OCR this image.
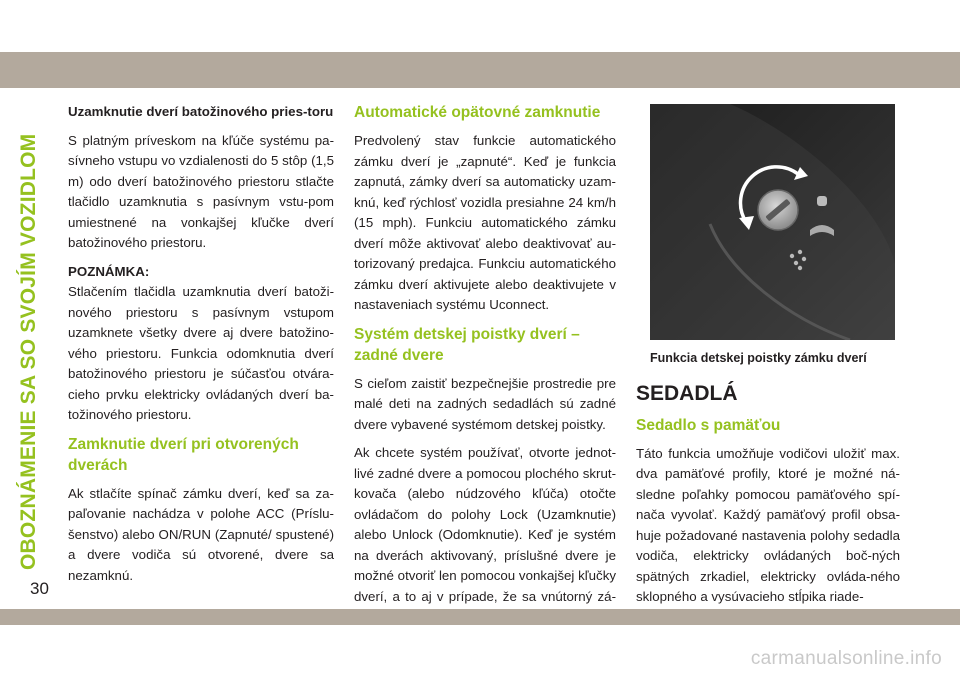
OBOZNÁMENIE SA SO SVOJÍM VOZIDLOM

Uzamknutie dverí batožinového pries-toru

S platným príveskom na kľúče systému pa-sívneho vstupu vo vzdialenosti do 5 stôp (1,5 m) odo dverí batožinového priestoru stlačte tlačidlo uzamknutia s pasívnym vstu-pom umiestnené na vonkajšej kľučke dverí batožinového priestoru.

POZNÁMKA:
Stlačením tlačidla uzamknutia dverí batoži-nového priestoru s pasívnym vstupom uzamknete všetky dvere aj dvere batožino-vého priestoru. Funkcia odomknutia dverí batožinového priestoru je súčasťou otvára-cieho prvku elektricky ovládaných dverí ba-tožinového priestoru.
Zamknutie dverí pri otvorených dverách

Ak stlačíte spínač zámku dverí, keď sa za-paľovanie nachádza v polohe ACC (Príslu-šenstvo) alebo ON/RUN (Zapnuté/ spustené) a dvere vodiča sú otvorené, dvere sa nezamknú.

Automatické opätovné zamknutie

Predvolený stav funkcie automatického zámku dverí je „zapnuté“. Keď je funkcia zapnutá, zámky dverí sa automaticky uzam-knú, keď rýchlosť vozidla presiahne 24 km/h (15 mph). Funkciu automatického zámku dverí môže aktivovať alebo deaktivovať au-torizovaný predajca. Funkciu automatického zámku dverí aktivujete alebo deaktivujete v nastaveniach systému Uconnect.

Systém detskej poistky dverí – zadné dvere

S cieľom zaistiť bezpečnejšie prostredie pre malé deti na zadných sedadlách sú zadné dvere vybavené systémom detskej poistky.

Ak chcete systém používať, otvorte jednot-livé zadné dvere a pomocou plochého skrut-kovača (alebo núdzového kľúča) otočte ovládačom do polohy Lock (Uzamknutie) alebo Unlock (Odomknutie). Keď je systém na dverách aktivovaný, príslušné dvere je možné otvoriť len pomocou vonkajšej kľučky dverí, a to aj v prípade, že sa vnútorný zá-

Funkcia detskej poistky zámku dverí
SEDADLÁ
Sedadlo s pamäťou

Táto funkcia umožňuje vodičovi uložiť max. dva pamäťové profily, ktoré je možné ná-sledne poľahky pomocou pamäťového spí-nača vyvolať. Každý pamäťový profil obsa-huje požadované nastavenia polohy sedadla vodiča, elektricky ovládaných boč-ných spätných zrkadiel, elektricky ovláda-ného sklopného a vysúvacieho stĺpika riade-

30
carmanualsonline.info
